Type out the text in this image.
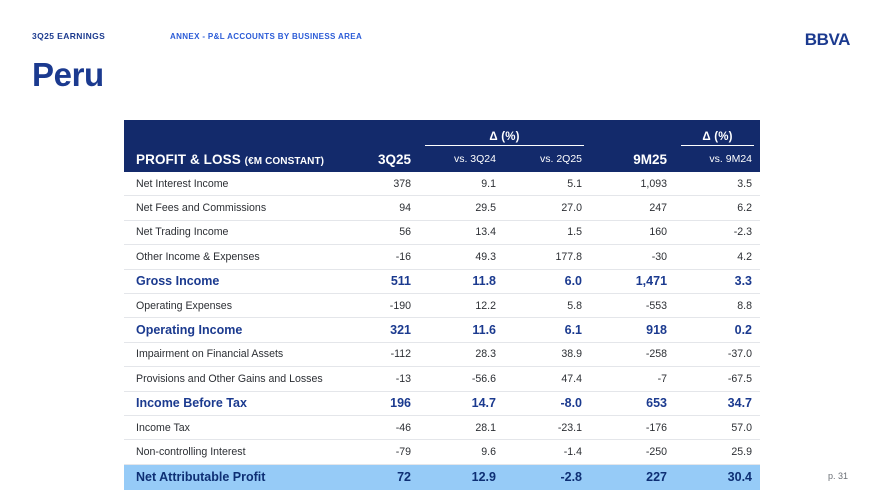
3Q25 EARNINGS	ANNEX - P&L ACCOUNTS BY BUSINESS AREA	BBVA
Peru

		Δ (%)			Δ (%)

PROFIT & LOSS (€M CONSTANT)	3Q25	vs. 3Q24	vs. 2Q25	9M25	vs. 9M24
Net Interest Income	378	9.1	5.1	1,093	3.5
Net Fees and Commissions	94	29.5	27.0	247	6.2
Net Trading Income	56	13.4	1.5	160	-2.3
Other Income & Expenses	-16	49.3	177.8	-30	4.2
Gross Income	511	11.8	6.0	1,471	3.3
Operating Expenses	-190	12.2	5.8	-553	8.8
Operating Income	321	11.6	6.1	918	0.2
Impairment on Financial Assets	-112	28.3	38.9	-258	-37.0
Provisions and Other Gains and Losses	-13	-56.6	47.4	-7	-67.5
Income Before Tax	196	14.7	-8.0	653	34.7
Income Tax	-46	28.1	-23.1	-176	57.0
Non-controlling Interest	-79	9.6	-1.4	-250	25.9
Net Attributable Profit	72	12.9	-2.8	227	30.4	p. 31
